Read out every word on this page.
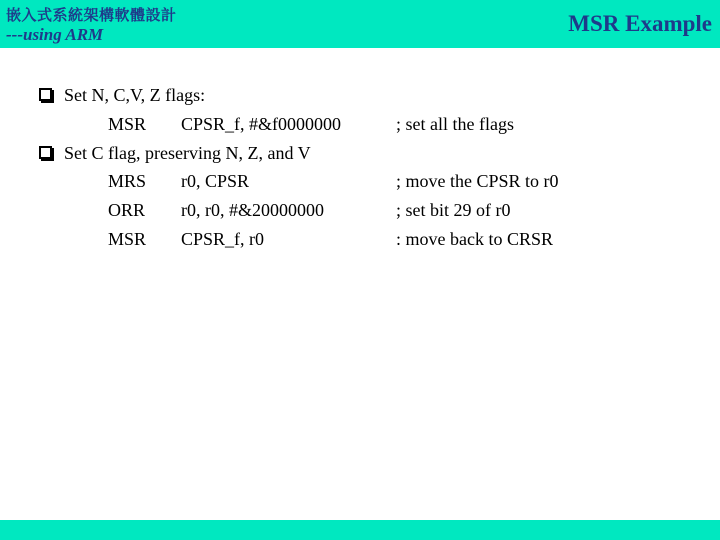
嵌入式系統架構軟體設計
---using ARM	MSR Example
Set N, C,V, Z flags:
MSR CPSR_f, #&f0000000	; set all the flags
Set C flag, preserving N, Z, and V
MRS r0, CPSR	; move the CPSR to r0
ORR r0, r0, #&20000000	; set bit 29 of r0
MSR CPSR_f, r0	: move back to CRSR
